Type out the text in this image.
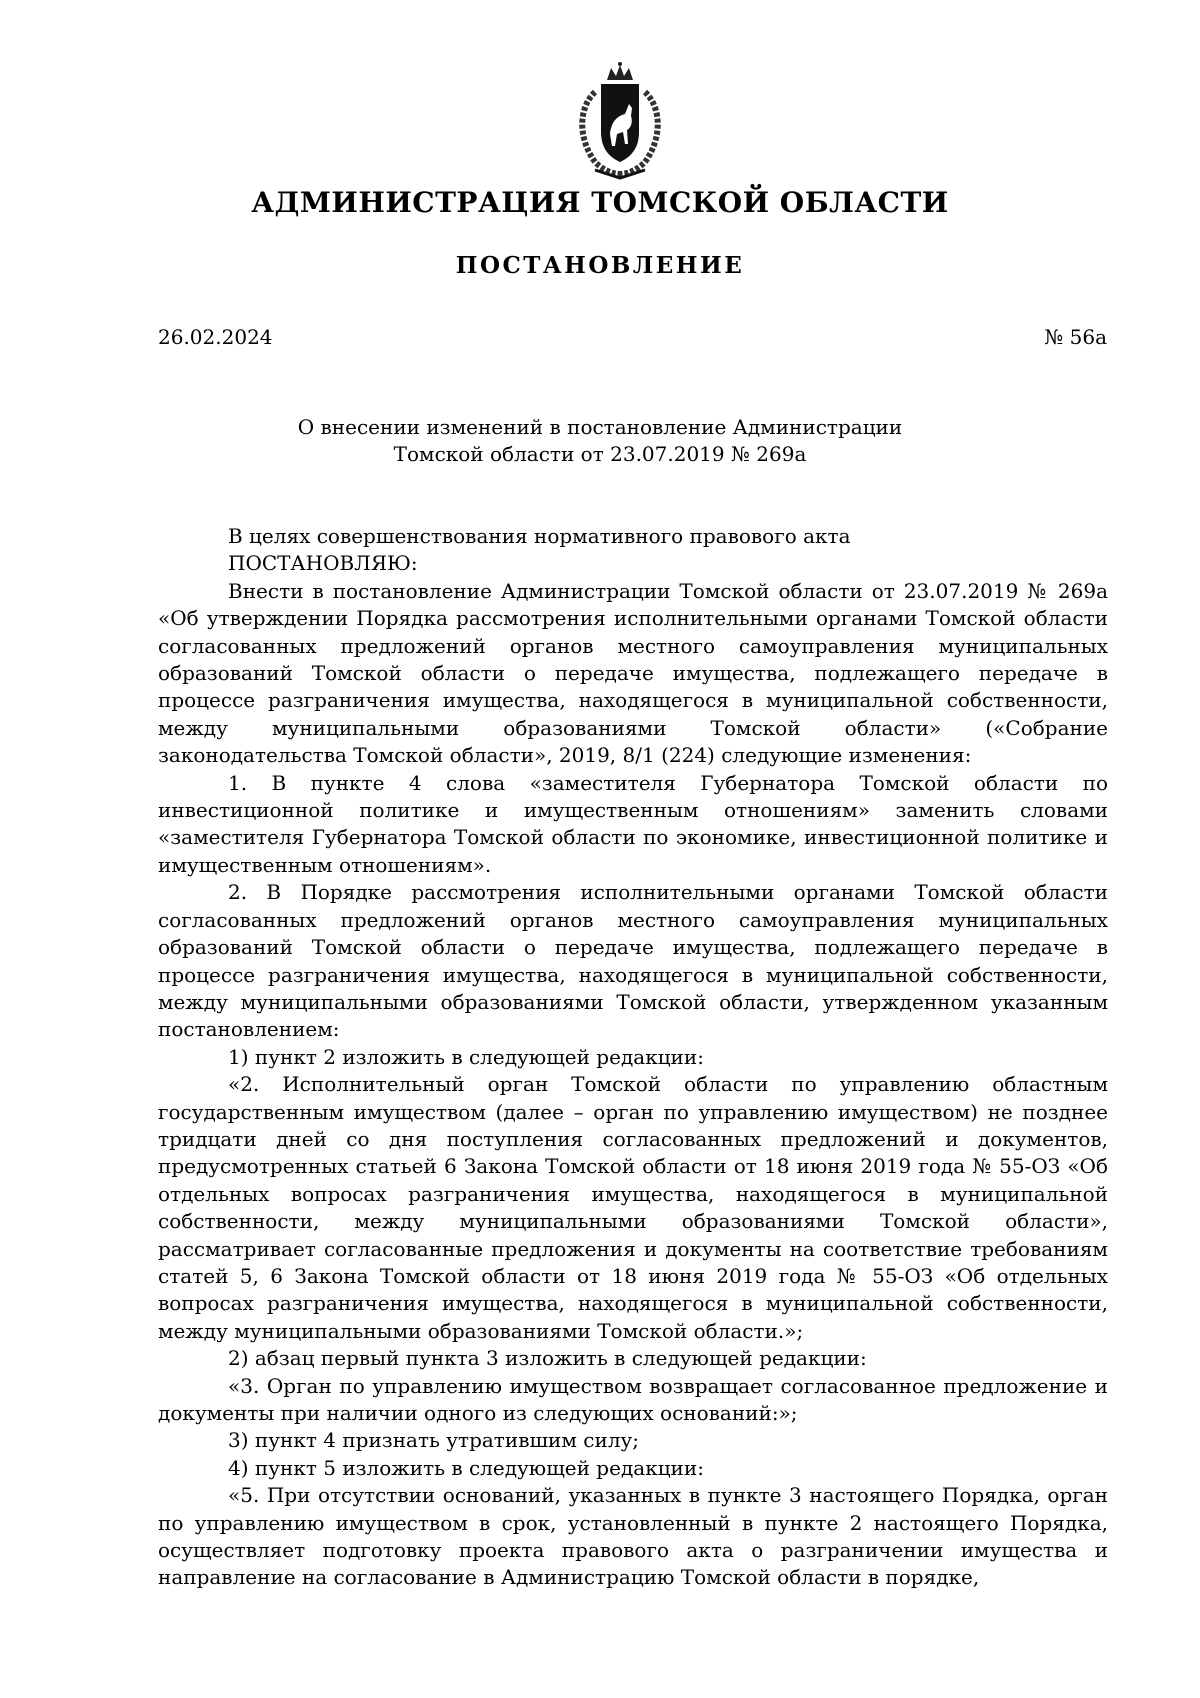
АДМИНИСТРАЦИЯ ТОМСКОЙ ОБЛАСТИ
ПОСТАНОВЛЕНИЕ
26.02.2024	№ 56а
О внесении изменений в постановление Администрации
Томской области от 23.07.2019 № 269а

В целях совершенствования нормативного правового акта

ПОСТАНОВЛЯЮ:

Внести в постановление Администрации Томской области от 23.07.2019 № 269а «Об утверждении Порядка рассмотрения исполнительными органами Томской области согласованных предложений органов местного самоуправления муниципальных образований Томской области о передаче имущества, подлежащего передаче в процессе разграничения имущества, находящегося в муниципальной собственности, между муниципальными образованиями Томской области» («Собрание законодательства Томской области», 2019, 8/1 (224) следующие изменения:

1. В пункте 4 слова «заместителя Губернатора Томской области по инвестиционной политике и имущественным отношениям» заменить словами «заместителя Губернатора Томской области по экономике, инвестиционной политике и имущественным отношениям».

2. В Порядке рассмотрения исполнительными органами Томской области согласованных предложений органов местного самоуправления муниципальных образований Томской области о передаче имущества, подлежащего передаче в процессе разграничения имущества, находящегося в муниципальной собственности, между муниципальными образованиями Томской области, утвержденном указанным постановлением:

1) пункт 2 изложить в следующей редакции:

«2. Исполнительный орган Томской области по управлению областным государственным имуществом (далее – орган по управлению имуществом) не позднее тридцати дней со дня поступления согласованных предложений и документов, предусмотренных статьей 6 Закона Томской области от 18 июня 2019 года № 55-ОЗ «Об отдельных вопросах разграничения имущества, находящегося в муниципальной собственности, между муниципальными образованиями Томской области», рассматривает согласованные предложения и документы на соответствие требованиям статей 5, 6 Закона Томской области от 18 июня 2019 года № 55-ОЗ «Об отдельных вопросах разграничения имущества, находящегося в муниципальной собственности, между муниципальными образованиями Томской области.»;

2) абзац первый пункта 3 изложить в следующей редакции:

«3. Орган по управлению имуществом возвращает согласованное предложение и документы при наличии одного из следующих оснований:»;

3) пункт 4 признать утратившим силу;

4) пункт 5 изложить в следующей редакции:

«5. При отсутствии оснований, указанных в пункте 3 настоящего Порядка, орган по управлению имуществом в срок, установленный в пункте 2 настоящего Порядка, осуществляет подготовку проекта правового акта о разграничении имущества и направление на согласование в Администрацию Томской области в порядке,
